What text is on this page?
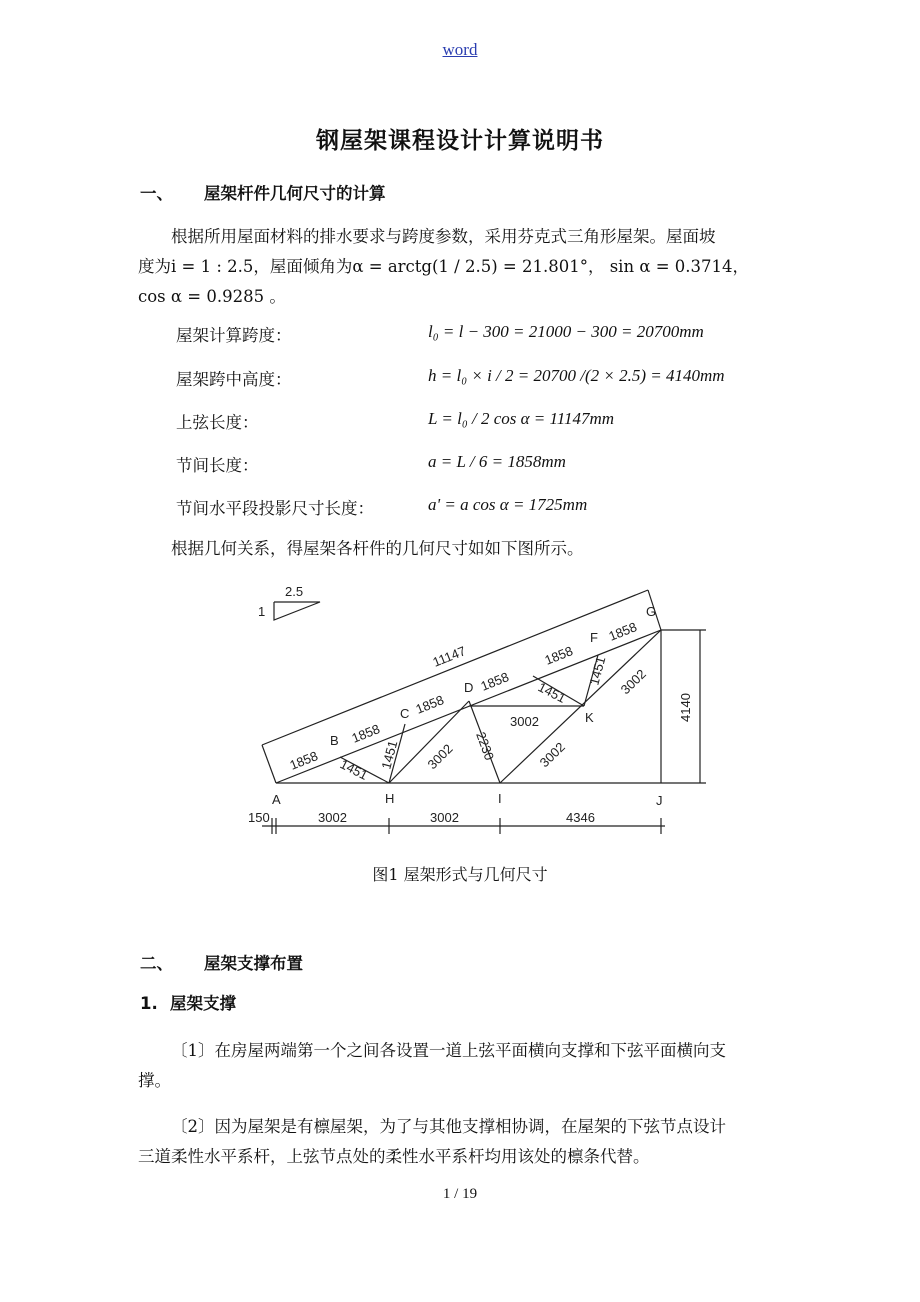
word
钢屋架课程设计计算说明书
一、 屋架杆件几何尺寸的计算
根据所用屋面材料的排水要求与跨度参数，采用芬克式三角形屋架。屋面坡
度为i = 1 : 2.5，屋面倾角为α = arctg(1 / 2.5) = 21.801°， sin α = 0.3714，
cos α = 0.9285 。
屋架计算跨度：	l₀ = l − 300 = 21000 − 300 = 20700mm
屋架跨中高度：	h = l₀ × i / 2 = 20700 /(2 × 2.5) = 4140mm
上弦长度：	L = l₀ / 2 cos α = 11147mm
节间长度：	a = L / 6 = 1858mm
节间水平段投影尺寸长度：	aʹ = a cos α = 1725mm
根据几何关系，得屋架各杆件的几何尺寸如如下图所示。
2.5
1
A
B
C
D
F
G
H	I	J
K
11147
1858
1858
1858
1858
1858
1858
1451 1451
1451
1451
3002
3002
3002
3002
2230
4140
150	3002	3002	4346
图1 屋架形式与几何尺寸
二、 屋架支撑布置
1. 屋架支撑
〔1〕在房屋两端第一个之间各设置一道上弦平面横向支撑和下弦平面横向支
撑。
〔2〕因为屋架是有檩屋架，为了与其他支撑相协调，在屋架的下弦节点设计
三道柔性水平系杆，上弦节点处的柔性水平系杆均用该处的檩条代替。
1 / 19
